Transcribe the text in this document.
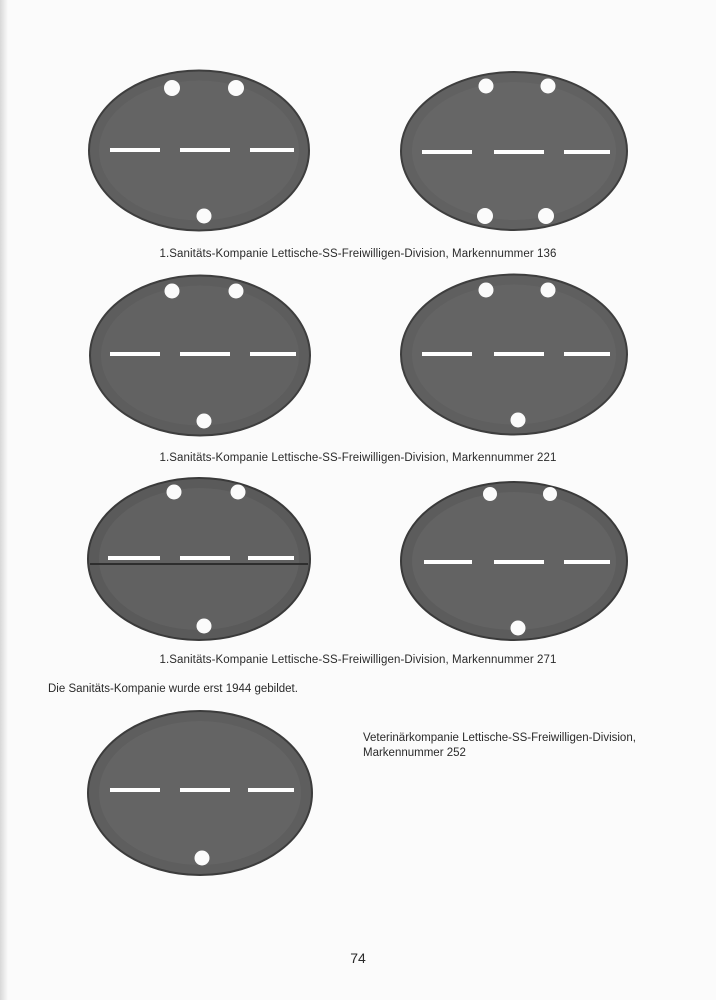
1.Sanitäts-Kompanie Lettische-SS-Freiwilligen-Division, Markennummer 136
1.Sanitäts-Kompanie Lettische-SS-Freiwilligen-Division, Markennummer 221
1.Sanitäts-Kompanie Lettische-SS-Freiwilligen-Division, Markennummer 271
Die Sanitäts-Kompanie wurde erst 1944 gebildet.
Veterinärkompanie Lettische-SS-Freiwilligen-Division,
Markennummer 252
74
